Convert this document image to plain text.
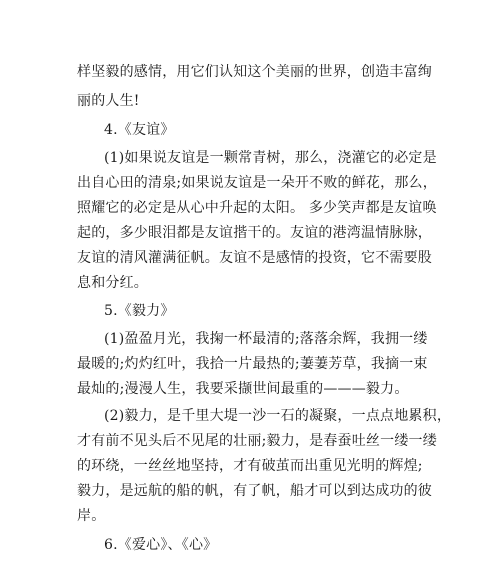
样坚毅的感情，用它们认知这个美丽的世界，创造丰富绚
丽的人生!
4.《友谊》
(1)如果说友谊是一颗常青树，那么，浇灌它的必定是
出自心田的清泉;如果说友谊是一朵开不败的鲜花，那么，
照耀它的必定是从心中升起的太阳。 多少笑声都是友谊唤
起的，多少眼泪都是友谊揩干的。友谊的港湾温情脉脉，
友谊的清风灌满征帆。友谊不是感情的投资，它不需要股
息和分红。
5.《毅力》
(1)盈盈月光，我掬一杯最清的;落落余辉，我拥一缕
最暖的;灼灼红叶，我拾一片最热的;萋萋芳草，我摘一束
最灿的;漫漫人生，我要采撷世间最重的———毅力。
(2)毅力，是千里大堤一沙一石的凝聚，一点点地累积，
才有前不见头后不见尾的壮丽;毅力，是春蚕吐丝一缕一缕
的环绕，一丝丝地坚持，才有破茧而出重见光明的辉煌;
毅力，是远航的船的帆，有了帆，船才可以到达成功的彼
岸。
6.《爱心》、《心》
